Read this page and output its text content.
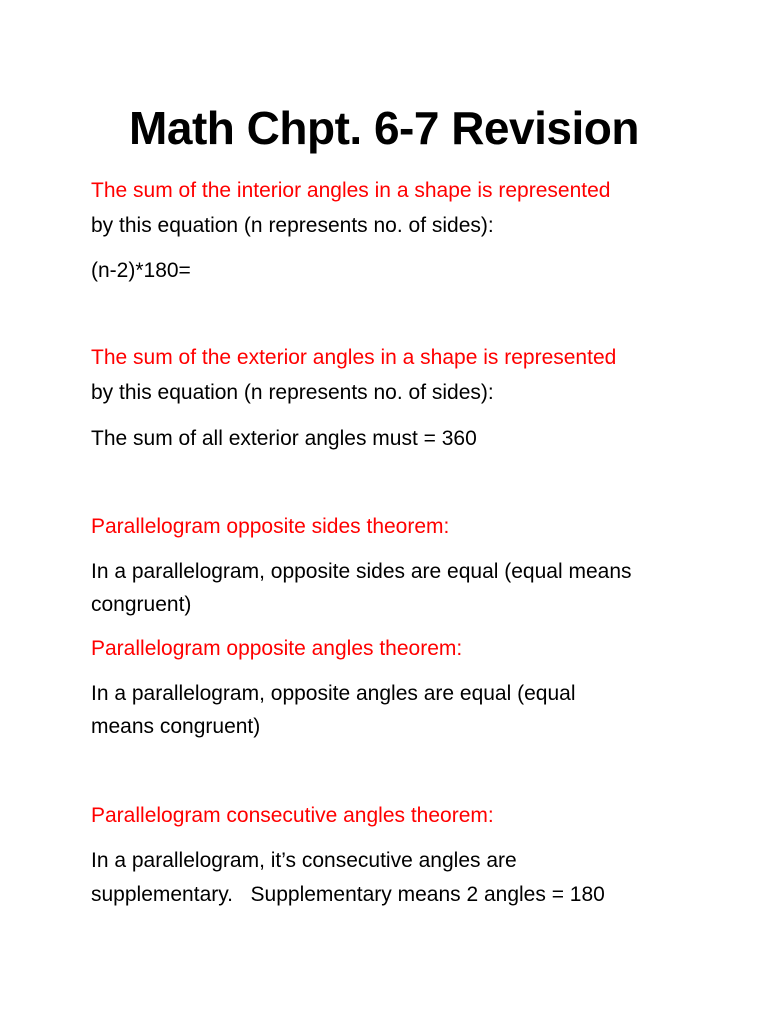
Math Chpt. 6-7 Revision
The sum of the interior angles in a shape is represented
by this equation (n represents no. of sides):
(n-2)*180=
The sum of the exterior angles in a shape is represented
by this equation (n represents no. of sides):
The sum of all exterior angles must = 360
Parallelogram opposite sides theorem:
In a parallelogram, opposite sides are equal (equal means
congruent)
Parallelogram opposite angles theorem:
In a parallelogram, opposite angles are equal (equal
means congruent)
Parallelogram consecutive angles theorem:
In a parallelogram, it’s consecutive angles are
supplementary.   Supplementary means 2 angles = 180
